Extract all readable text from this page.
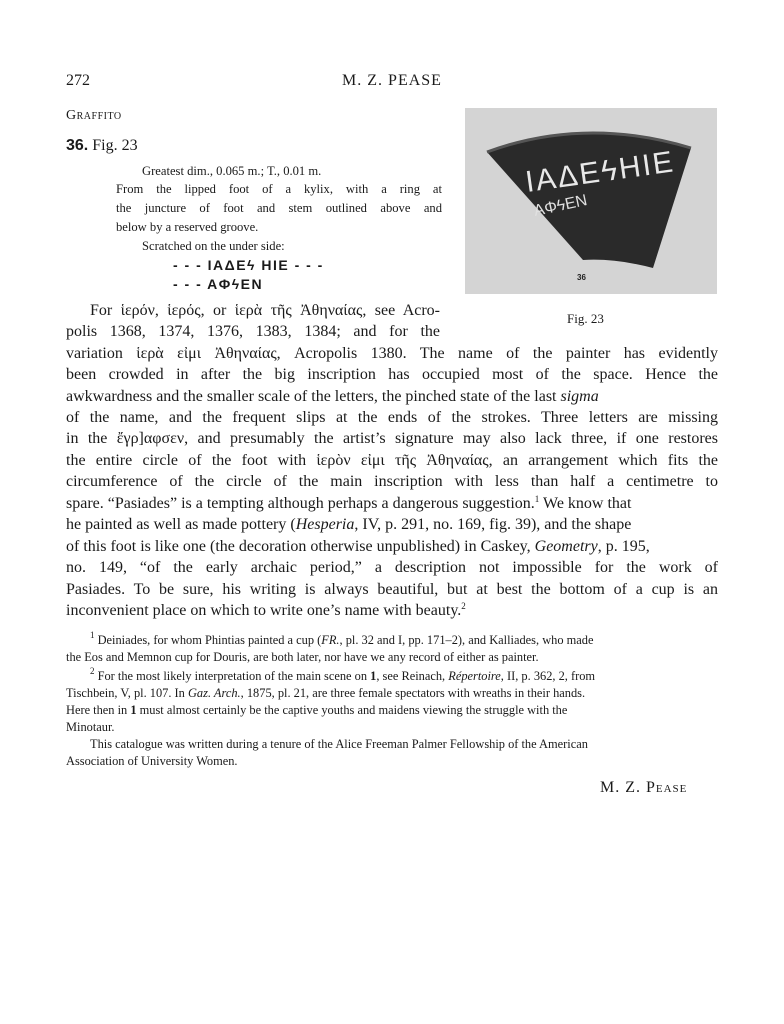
272	M. Z. PEASE
Graffito
36. Fig. 23
Greatest dim., 0.065 m.; T., 0.01 m.
From the lipped foot of a kylix, with a ring at
the juncture of foot and stem outlined above and
below by a reserved groove.
Scratched on the under side:
- - - IAΔEϟ HIE - - -
- - - AΦϟEN
IAΔEϟHIE
AΦϟEN
36
Fig. 23
For ἱερόν, ἱερός, or ἱερὰ τῆς Ἀθηναίας, see Acro-
polis 1368, 1374, 1376, 1383, 1384; and for the
variation ἱερὰ εἰμι Ἀθηναίας, Acropolis 1380. The name of the painter has evidently
been crowded in after the big inscription has occupied most of the space. Hence the
awkwardness and the smaller scale of the letters, the pinched state of the last sigma
of the name, and the frequent slips at the ends of the strokes. Three letters are missing
in the ἔγρ]αφσεν, and presumably the artist’s signature may also lack three, if one restores
the entire circle of the foot with ἱερὸν εἰμι τῆς Ἀθηναίας, an arrangement which fits the
circumference of the circle of the main inscription with less than half a centimetre to
spare. “Pasiades” is a tempting although perhaps a dangerous suggestion.$^1$ We know that
he painted as well as made pottery (Hesperia, IV, p. 291, no. 169, fig. 39), and the shape
of this foot is like one (the decoration otherwise unpublished) in Caskey, Geometry, p. 195,
no. 149, “of the early archaic period,” a description not impossible for the work of
Pasiades. To be sure, his writing is always beautiful, but at best the bottom of a cup is an
inconvenient place on which to write one’s name with beauty.$^2$
$^1$ Deiniades, for whom Phintias painted a cup (FR., pl. 32 and I, pp. 171–2), and Kalliades, who made
the Eos and Memnon cup for Douris, are both later, nor have we any record of either as painter.
$^2$ For the most likely interpretation of the main scene on 1, see Reinach, Répertoire, II, p. 362, 2, from
Tischbein, V, pl. 107. In Gaz. Arch., 1875, pl. 21, are three female spectators with wreaths in their hands.
Here then in 1 must almost certainly be the captive youths and maidens viewing the struggle with the
Minotaur.
This catalogue was written during a tenure of the Alice Freeman Palmer Fellowship of the American
Association of University Women.
M. Z. Pease
